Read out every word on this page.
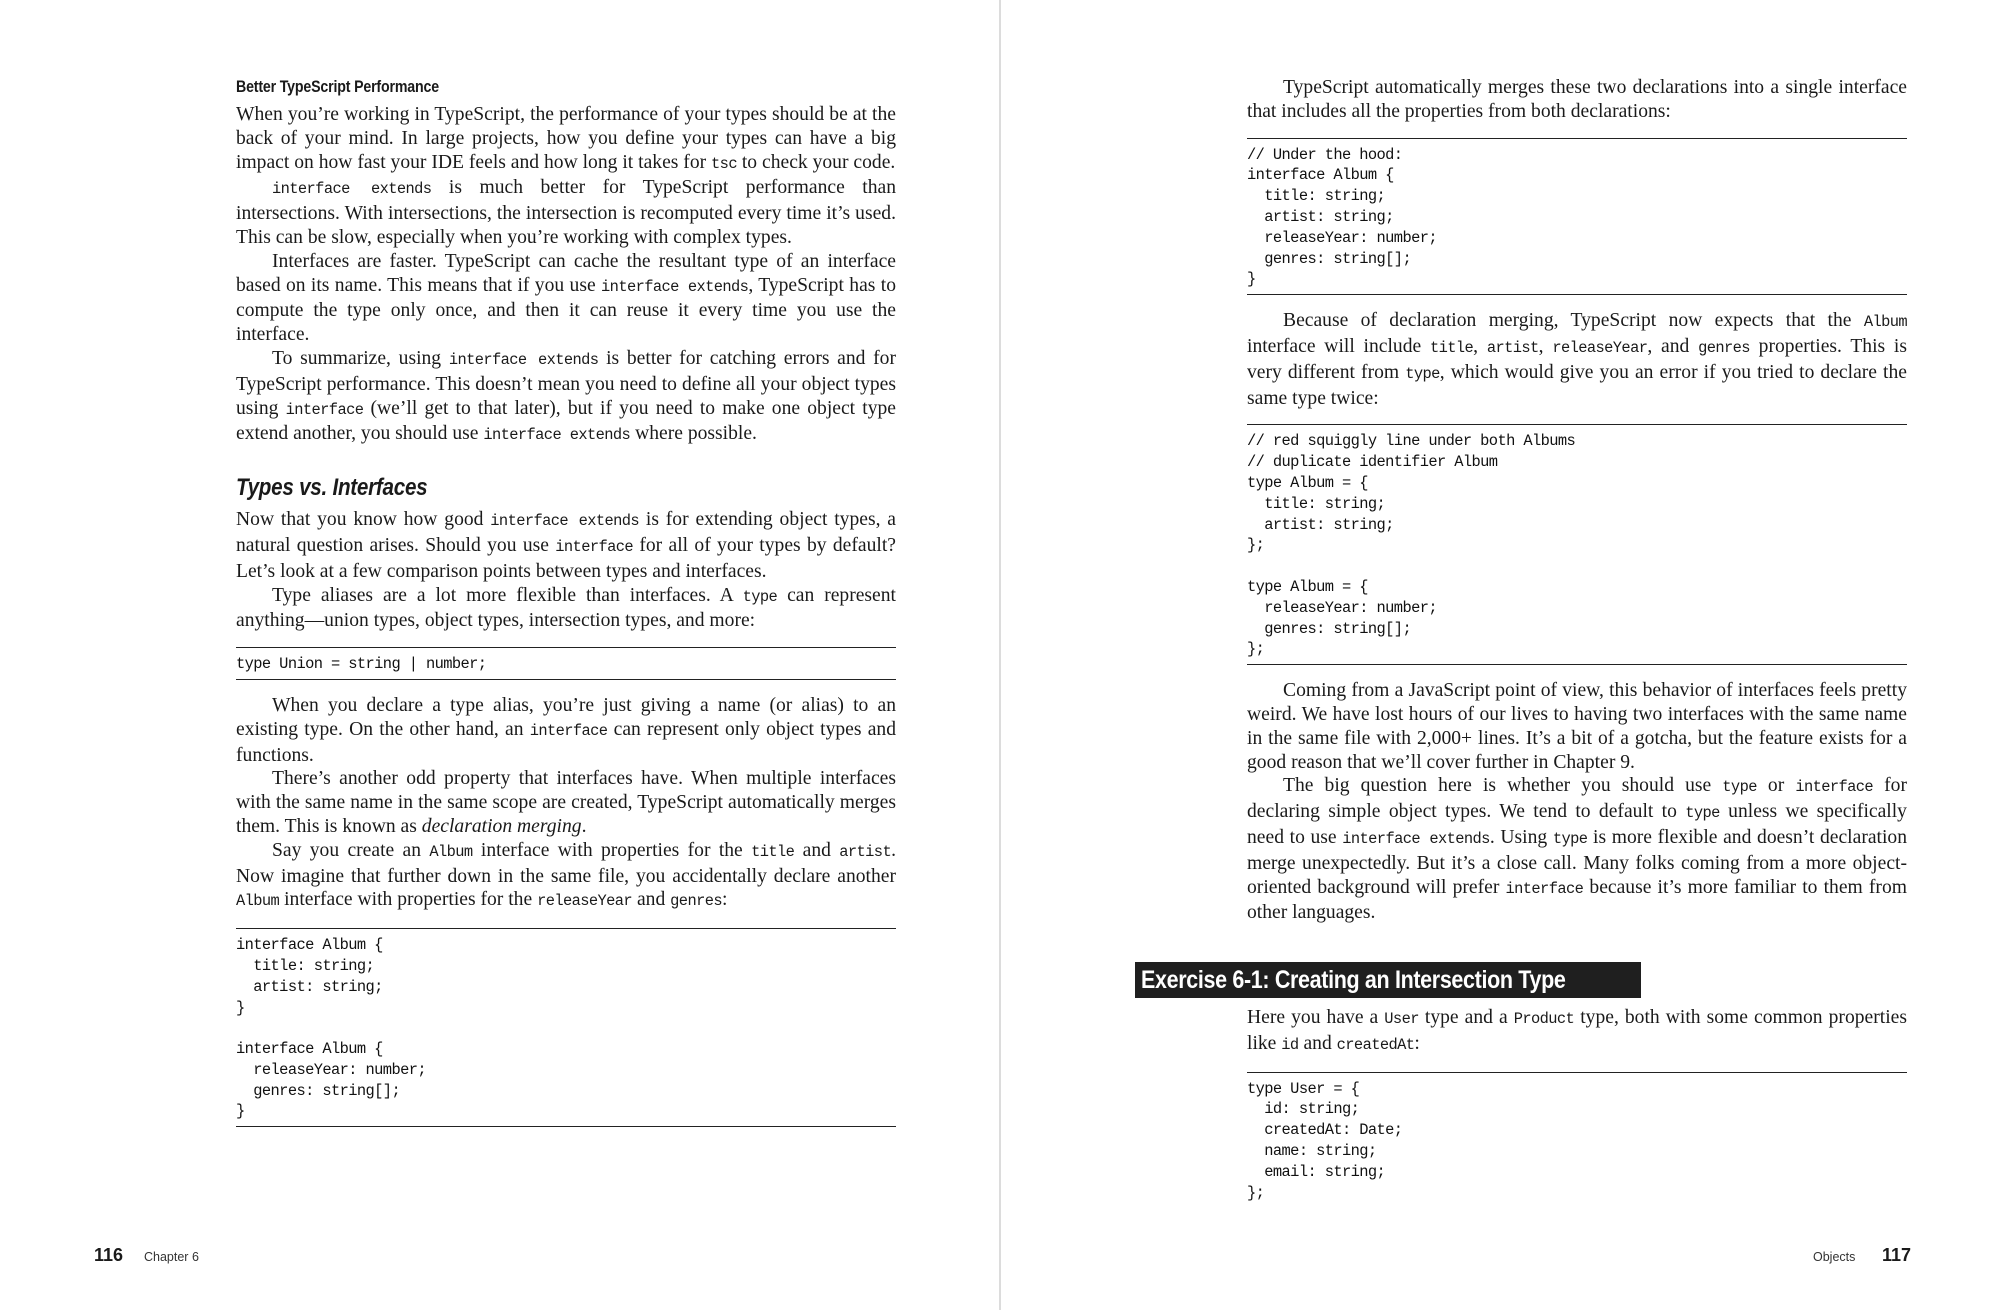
Better TypeScript Performance

When you’re working in TypeScript, the performance of your types should be at the back of your mind. In large projects, how you define your types can have a big impact on how fast your IDE feels and how long it takes for tsc to check your code.

interface extends is much better for TypeScript performance than intersections. With intersections, the intersection is recomputed every time it’s used. This can be slow, especially when you’re working with complex types.

Interfaces are faster. TypeScript can cache the resultant type of an interface based on its name. This means that if you use interface extends, TypeScript has to compute the type only once, and then it can reuse it every time you use the interface.

To summarize, using interface extends is better for catching errors and for TypeScript performance. This doesn’t mean you need to define all your object types using interface (we’ll get to that later), but if you need to make one object type extend another, you should use interface extends where possible.

Types vs. Interfaces

Now that you know how good interface extends is for extending object types, a natural question arises. Should you use interface for all of your types by default? Let’s look at a few comparison points between types and interfaces.

Type aliases are a lot more flexible than interfaces. A type can represent anything—union types, object types, intersection types, and more:

type Union = string | number;

When you declare a type alias, you’re just giving a name (or alias) to an existing type. On the other hand, an interface can represent only object types and functions.

There’s another odd property that interfaces have. When multiple interfaces with the same name in the same scope are created, TypeScript automatically merges them. This is known as declaration merging.

Say you create an Album interface with properties for the title and artist. Now imagine that further down in the same file, you accidentally declare another Album interface with properties for the releaseYear and genres:

interface Album {
title: string;
artist: string;
}

interface Album {
releaseYear: number;
genres: string[];
}
116 Chapter 6

TypeScript automatically merges these two declarations into a single interface that includes all the properties from both declarations:

// Under the hood:
interface Album {
title: string;
artist: string;
releaseYear: number;
genres: string[];
}

Because of declaration merging, TypeScript now expects that the Album interface will include title, artist, releaseYear, and genres properties. This is very different from type, which would give you an error if you tried to declare the same type twice:

// red squiggly line under both Albums
// duplicate identifier Album
type Album = {
title: string;
artist: string;
};

type Album = {
releaseYear: number;
genres: string[];
};

Coming from a JavaScript point of view, this behavior of interfaces feels pretty weird. We have lost hours of our lives to having two interfaces with the same name in the same file with 2,000+ lines. It’s a bit of a gotcha, but the feature exists for a good reason that we’ll cover further in Chapter 9.

The big question here is whether you should use type or interface for declaring simple object types. We tend to default to type unless we specifically need to use interface extends. Using type is more flexible and doesn’t declaration merge unexpectedly. But it’s a close call. Many folks coming from a more object-oriented background will prefer interface because it’s more familiar to them from other languages.

Exercise 6-1: Creating an Intersection Type

Here you have a User type and a Product type, both with some common properties like id and createdAt:

type User = {
id: string;
createdAt: Date;
name: string;
email: string;
};
Objects 117
